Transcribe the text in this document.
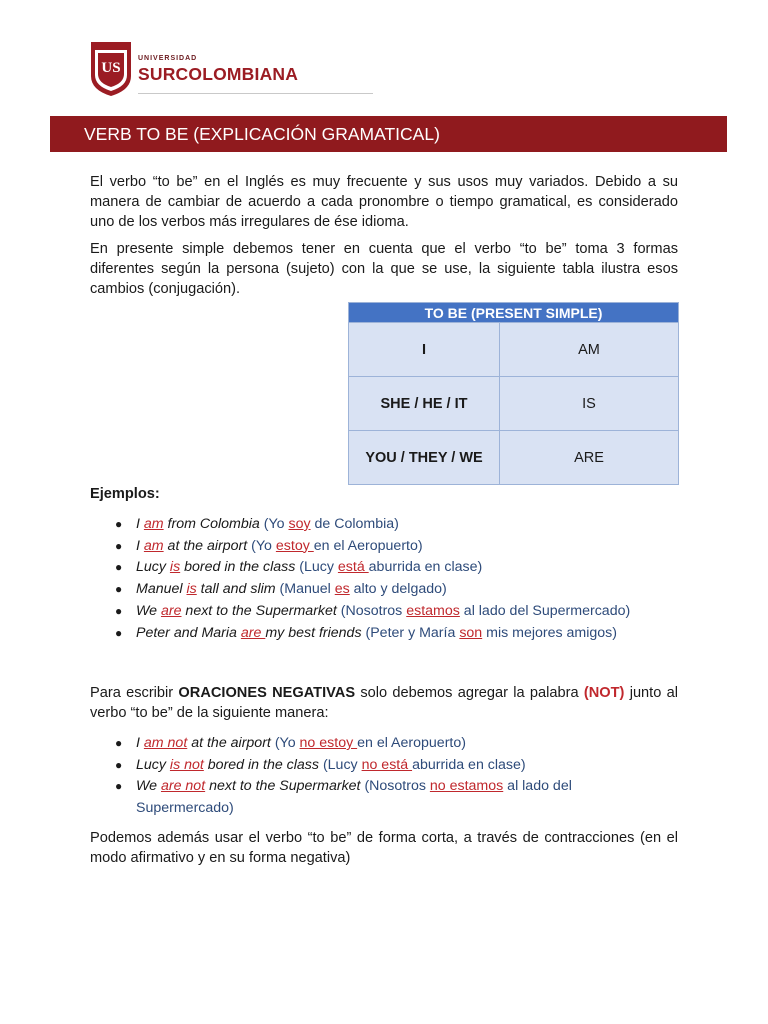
US
UNIVERSIDAD
SURCOLOMBIANA
VERB TO BE (EXPLICACIÓN GRAMATICAL)

El verbo “to be” en el Inglés es muy frecuente y sus usos muy variados. Debido a su manera de cambiar de acuerdo a cada pronombre o tiempo gramatical, es considerado uno de los verbos más irregulares de ése idioma.

En presente simple debemos tener en cuenta que el verbo “to be” toma 3 formas diferentes según la persona (sujeto) con la que se use, la siguiente tabla ilustra esos cambios (conjugación).

TO BE (PRESENT SIMPLE)	
I	AM
SHE / HE / IT	IS
YOU / THEY / WE	ARE

Ejemplos:

● I am from Colombia (Yo soy de Colombia)
● I am at the airport (Yo estoy en el Aeropuerto)
● Lucy is bored in the class (Lucy está aburrida en clase)
● Manuel is tall and slim (Manuel es alto y delgado)
● We are next to the Supermarket (Nosotros estamos al lado del Supermercado)
● Peter and Maria are my best friends (Peter y María son mis mejores amigos)

Para escribir ORACIONES NEGATIVAS solo debemos agregar la palabra (NOT) junto al verbo “to be” de la siguiente manera:

● I am not at the airport (Yo no estoy en el Aeropuerto)
● Lucy is not bored in the class (Lucy no está aburrida en clase)
● We are not next to the Supermarket (Nosotros no estamos al lado del Supermercado)

Podemos además usar el verbo “to be” de forma corta, a través de contracciones (en el modo afirmativo y en su forma negativa)
